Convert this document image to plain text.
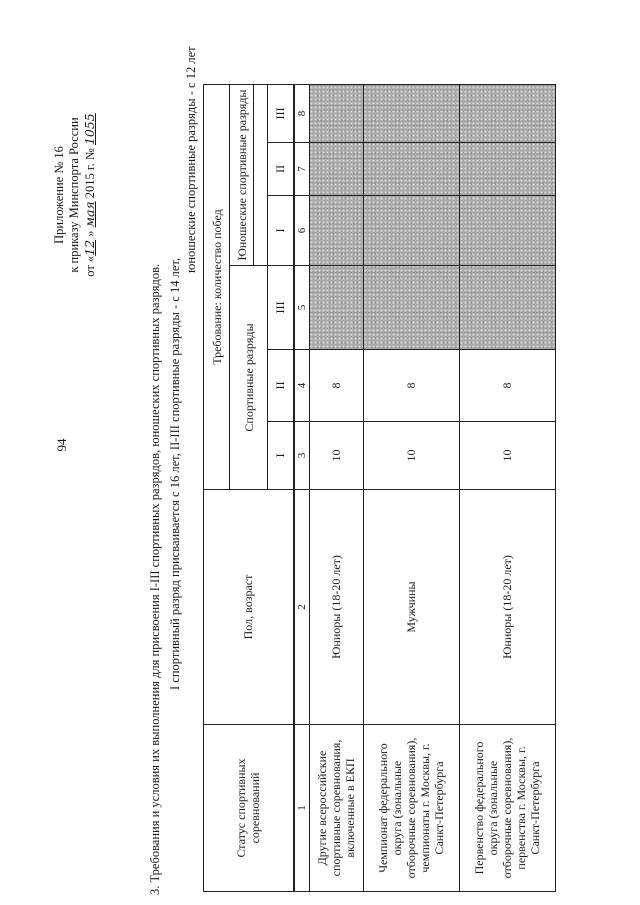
94
Приложение № 16 к приказу Минспорта России от «12 » мая 2015 г. № 1055
3. Требования и условия их выполнения для присвоения I-III спортивных разрядов, юношеских спортивных разрядов. I спортивный разряд присваивается с 16 лет, II-III спортивные разряды - с 14 лет,
юношеские спортивные разряды - с 12 лет
Статус спортивных соревнований	Пол, возраст	Требование: количество побед					
		Спортивные разряды			Юношеские спортивные разряды		

		I	II	III	I	II	III
1	2	3	4	5	6	7	8
Другие всероссийские спортивные соревнования, включенные в ЕКП	Юниоры (18-20 лет)	10	8				
Чемпионат федерального округа (зональные отборочные соревнования), чемпионаты г. Москвы, г. Санкт-Петербурга	Мужчины	10	8				
Первенство федерального округа (зональные отборочные соревнования), первенства г. Москвы, г. Санкт-Петербурга	Юниоры (18-20 лет)	10	8				
